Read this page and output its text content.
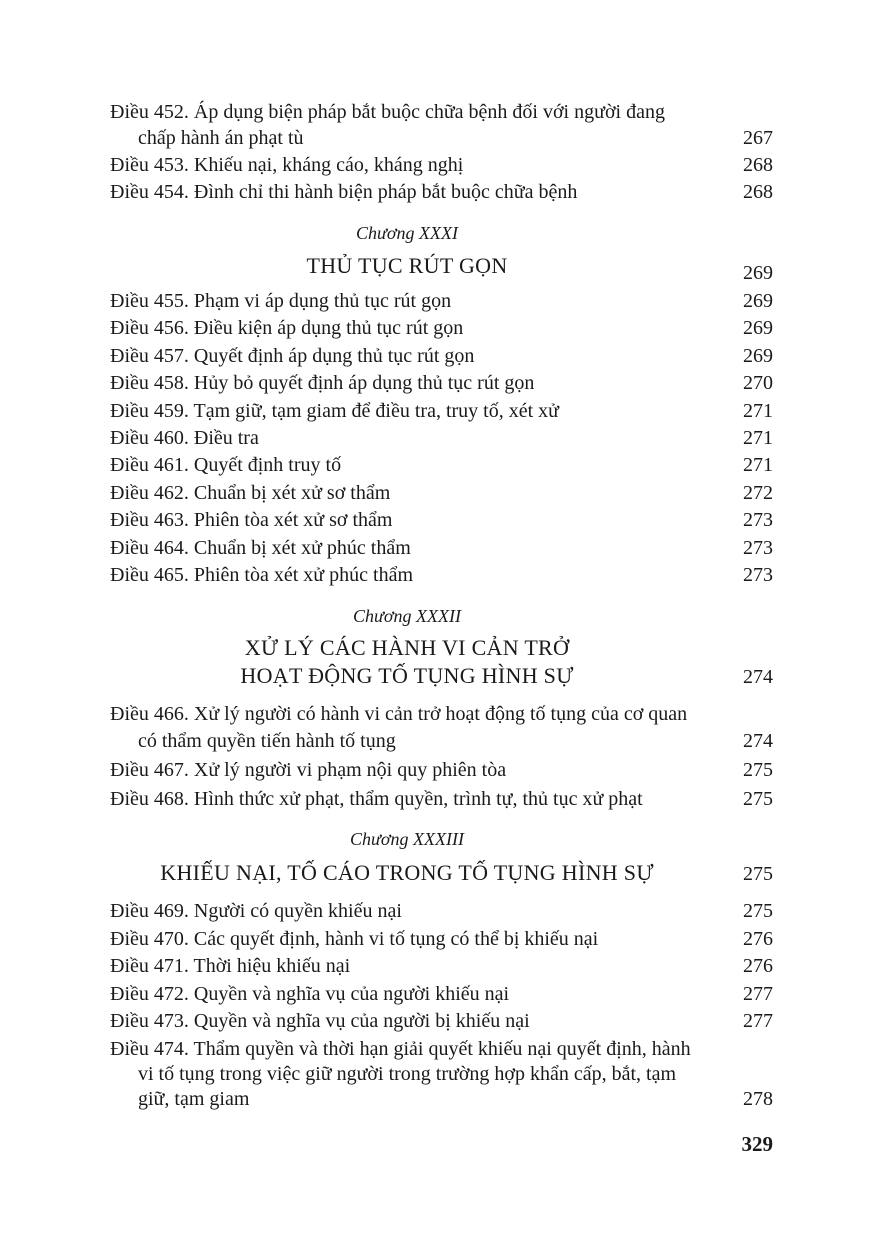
Điều 452. Áp dụng biện pháp bắt buộc chữa bệnh đối với người đang
chấp hành án phạt tù	267
Điều 453. Khiếu nại, kháng cáo, kháng nghị	268
Điều 454. Đình chỉ thi hành biện pháp bắt buộc chữa bệnh	268
Chương XXXI
THỦ TỤC RÚT GỌN	269
Điều 455. Phạm vi áp dụng thủ tục rút gọn	269
Điều 456. Điều kiện áp dụng thủ tục rút gọn	269
Điều 457. Quyết định áp dụng thủ tục rút gọn	269
Điều 458. Hủy bỏ quyết định áp dụng thủ tục rút gọn	270
Điều 459. Tạm giữ, tạm giam để điều tra, truy tố, xét xử	271
Điều 460. Điều tra	271
Điều 461. Quyết định truy tố	271
Điều 462. Chuẩn bị xét xử sơ thẩm	272
Điều 463. Phiên tòa xét xử sơ thẩm	273
Điều 464. Chuẩn bị xét xử phúc thẩm	273
Điều 465. Phiên tòa xét xử phúc thẩm	273
Chương XXXII
XỬ LÝ CÁC HÀNH VI CẢN TRỞ
HOẠT ĐỘNG TỐ TỤNG HÌNH SỰ	274
Điều 466. Xử lý người có hành vi cản trở hoạt động tố tụng của cơ quan
có thẩm quyền tiến hành tố tụng	274
Điều 467. Xử lý người vi phạm nội quy phiên tòa	275
Điều 468. Hình thức xử phạt, thẩm quyền, trình tự, thủ tục xử phạt	275
Chương XXXIII
KHIẾU NẠI, TỐ CÁO TRONG TỐ TỤNG HÌNH SỰ	275
Điều 469. Người có quyền khiếu nại	275
Điều 470. Các quyết định, hành vi tố tụng có thể bị khiếu nại	276
Điều 471. Thời hiệu khiếu nại	276
Điều 472. Quyền và nghĩa vụ của người khiếu nại	277
Điều 473. Quyền và nghĩa vụ của người bị khiếu nại	277
Điều 474. Thẩm quyền và thời hạn giải quyết khiếu nại quyết định, hành
vi tố tụng trong việc giữ người trong trường hợp khẩn cấp, bắt, tạm
giữ, tạm giam	278
329
